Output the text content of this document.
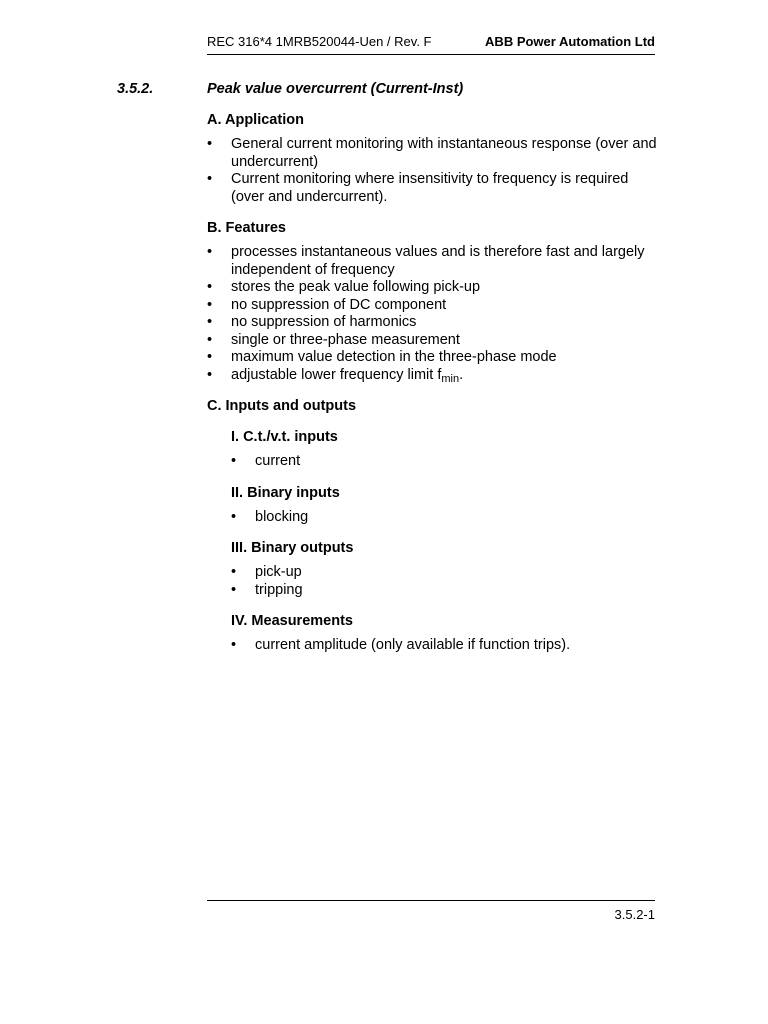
REC 316*4 1MRB520044-Uen / Rev. F	ABB Power Automation Ltd
3.5.2.	Peak value overcurrent (Current-Inst)
A. Application
• General current monitoring with instantaneous response (over and undercurrent)
• Current monitoring where insensitivity to frequency is required (over and undercurrent).
B. Features
• processes instantaneous values and is therefore fast and largely independent of frequency
• stores the peak value following pick-up
• no suppression of DC component
• no suppression of harmonics
• single or three-phase measurement
• maximum value detection in the three-phase mode
• adjustable lower frequency limit $f_{min}$.
C. Inputs and outputs
I. C.t./v.t. inputs
• current
II. Binary inputs
• blocking
III. Binary outputs
• pick-up
• tripping
IV. Measurements
• current amplitude (only available if function trips).
3.5.2-1
